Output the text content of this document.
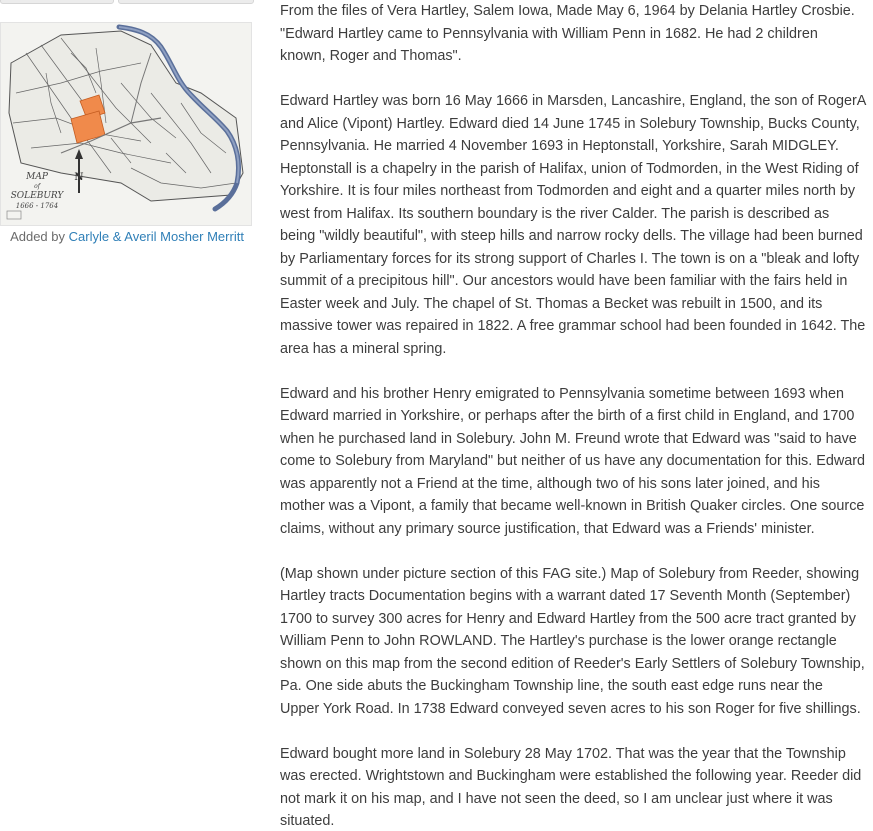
N
MAP
of
SOLEBURY
1666 - 1764
Added by Carlyle & Averil Mosher Merritt

From the files of Vera Hartley, Salem Iowa, Made May 6, 1964 by Delania Hartley Crosbie. "Edward Hartley came to Pennsylvania with William Penn in 1682. He had 2 children known, Roger and Thomas".

Edward Hartley was born 16 May 1666 in Marsden, Lancashire, England, the son of RogerA and Alice (Vipont) Hartley. Edward died 14 June 1745 in Solebury Township, Bucks County, Pennsylvania. He married 4 November 1693 in Heptonstall, Yorkshire, Sarah MIDGLEY. Heptonstall is a chapelry in the parish of Halifax, union of Todmorden, in the West Riding of Yorkshire. It is four miles northeast from Todmorden and eight and a quarter miles north by west from Halifax. Its southern boundary is the river Calder. The parish is described as being "wildly beautiful", with steep hills and narrow rocky dells. The village had been burned by Parliamentary forces for its strong support of Charles I. The town is on a "bleak and lofty summit of a precipitous hill". Our ancestors would have been familiar with the fairs held in Easter week and July. The chapel of St. Thomas a Becket was rebuilt in 1500, and its massive tower was repaired in 1822. A free grammar school had been founded in 1642. The area has a mineral spring.

Edward and his brother Henry emigrated to Pennsylvania sometime between 1693 when Edward married in Yorkshire, or perhaps after the birth of a first child in England, and 1700 when he purchased land in Solebury. John M. Freund wrote that Edward was "said to have come to Solebury from Maryland" but neither of us have any documentation for this. Edward was apparently not a Friend at the time, although two of his sons later joined, and his mother was a Vipont, a family that became well-known in British Quaker circles. One source claims, without any primary source justification, that Edward was a Friends' minister.

(Map shown under picture section of this FAG site.) Map of Solebury from Reeder, showing Hartley tracts Documentation begins with a warrant dated 17 Seventh Month (September) 1700 to survey 300 acres for Henry and Edward Hartley from the 500 acre tract granted by William Penn to John ROWLAND. The Hartley's purchase is the lower orange rectangle shown on this map from the second edition of Reeder's Early Settlers of Solebury Township, Pa. One side abuts the Buckingham Township line, the south east edge runs near the Upper York Road. In 1738 Edward conveyed seven acres to his son Roger for five shillings.

Edward bought more land in Solebury 28 May 1702. That was the year that the Township was erected. Wrightstown and Buckingham were established the following year. Reeder did not mark it on his map, and I have not seen the deed, so I am unclear just where it was situated.
